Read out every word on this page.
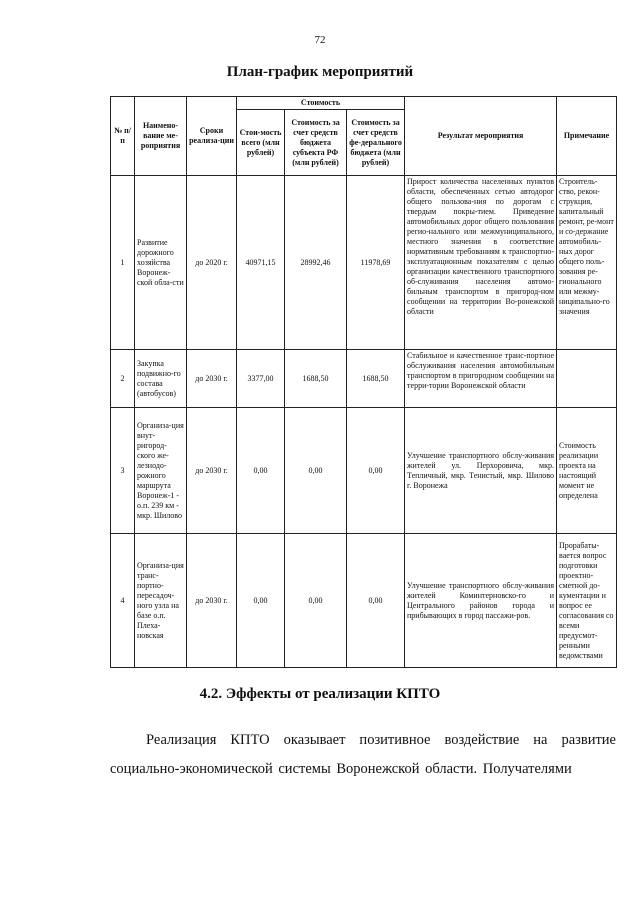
72
План-график мероприятий
№ п/п	Наимено-вание ме-роприятия	Сроки реализа-ции	Стоимость			Результат мероприятия	Примечание
			Стои-мость всего (млн рублей)	Стоимость за счет средств бюджета субъекта РФ (млн рублей)	Стоимость за счет средств фе-дерального бюджета (млн рублей)		
1	Развитие дорожного хозяйства Воронеж-ской обла-сти	до 2020 г.	40971,15	28992,46	11978,69	Прирост количества населенных пунктов области, обеспеченных сетью автодорог общего пользова-ния по дорогам с твердым покры-тием. Приведение автомобильных дорог общего пользования регио-нального или межмуниципального, местного значения в соответствие нормативным требованиям к транспортно-эксплуатационным показателям с целью организации качественного транспортного об-служивания населения автомо-бильным транспортом в пригород-ном сообщении на территории Во-ронежской области	Строитель-ство, рекон-струкция, капитальный ремонт, ре-монт и со-держание автомобиль-ных дорог общего поль-зования ре-гионального или межму-ниципально-го значения
2	Закупка подвижно-го состава (автобусов)	до 2030 г.	3377,00	1688,50	1688,50	Стабильное и качественное транс-портное обслуживания населения автомобильным транспортом в пригородном сообщении на терри-тории Воронежской области	
3	Организа-ция внут-ригород-ского же-лезнодо-рожного маршрута Воронеж-1 - о.п. 239 км - мкр. Шилово	до 2030 г.	0,00	0,00	0,00	Улучшение транспортного обслу-живания жителей ул. Перхоровича, мкр. Тепличный, мкр. Тенистый, мкр. Шилово г. Воронежа	Стоимость реализации проекта на настоящий момент не определена
4	Организа-ция транс-портно-пересадоч-ного узла на базе о.п. Плеха-новская	до 2030 г.	0,00	0,00	0,00	Улучшение транспортного обслу-живания жителей Коминтерновско-го и Центрального районов города и прибывающих в город пассажи-ров.	Прорабаты-вается вопрос подготовки проектно-сметной до-кументации и вопрос ее согласования со всеми предусмот-ренными ведомствами
4.2. Эффекты от реализации КПТО
Реализация КПТО оказывает позитивное воздействие на развитие социально-экономической системы Воронежской области. Получателями
